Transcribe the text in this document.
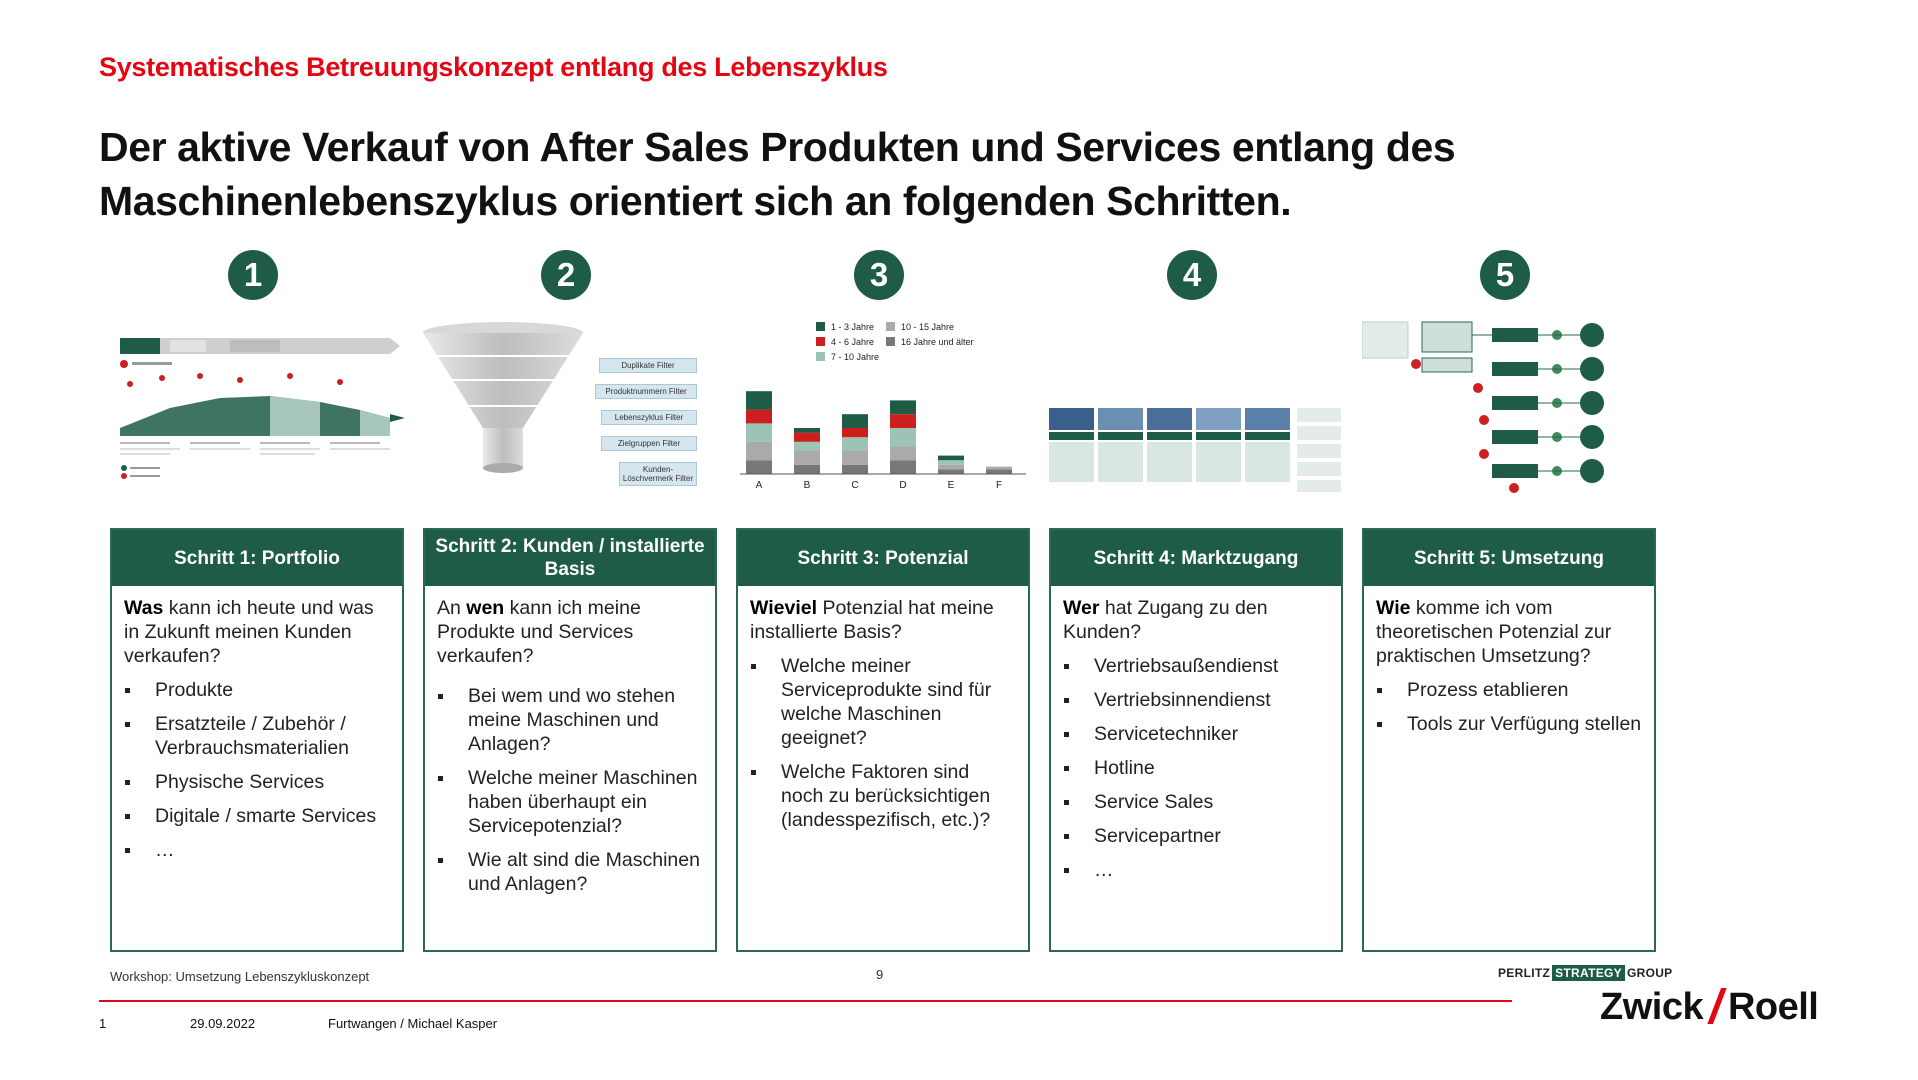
Systematisches Betreuungskonzept entlang des Lebenszyklus
Der aktive Verkauf von After Sales Produkten und Services entlang des
Maschinenlebenszyklus orientiert sich an folgenden Schritten.
1
Schritt 1: Portfolio
Was kann ich heute und was in Zukunft meinen Kunden verkaufen?
Produkte
Ersatzteile / Zubehör / Verbrauchsmaterialien
Physische Services
Digitale / smarte Services
…
2
Duplikate Filter
Produktnummern Filter
Lebenszyklus Filter
Zielgruppen Filter
Kunden-Löschvermerk Filter
Schritt 2: Kunden / installierte Basis
An wen kann ich meine Produkte und Services verkaufen?
Bei wem und wo stehen meine Maschinen und Anlagen?
Welche meiner Maschinen haben überhaupt ein Servicepotenzial?
Wie alt sind die Maschinen und Anlagen?
3
1 - 3 Jahre
4 - 6 Jahre
7 - 10 Jahre
10 - 15 Jahre
16 Jahre und älter
A	B	C	D	E	F
Schritt 3: Potenzial
Wieviel Potenzial hat meine installierte Basis?
Welche meiner Serviceprodukte sind für welche Maschinen geeignet?
Welche Faktoren sind noch zu berücksichtigen (landesspezifisch, etc.)?
4
Schritt 4: Marktzugang
Wer hat Zugang zu den Kunden?
Vertriebsaußendienst
Vertriebsinnendienst
Servicetechniker
Hotline
Service Sales
Servicepartner
…
5
Schritt 5: Umsetzung
Wie komme ich vom theoretischen Potenzial zur praktischen Umsetzung?
Prozess etablieren
Tools zur Verfügung stellen
Workshop: Umsetzung Lebenszykluskonzept	9	PERLITZ STRATEGY GROUP
1	29.09.2022	Furtwangen / Michael Kasper	Zwick / Roell
